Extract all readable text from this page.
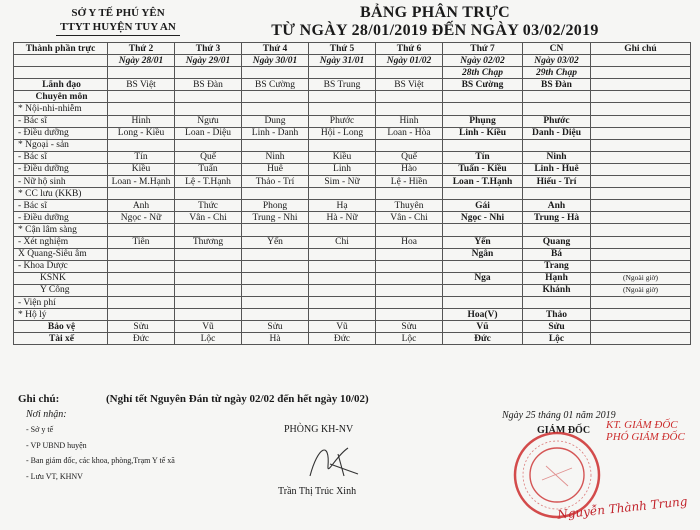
SỞ Y TẾ PHÚ YÊN
TTYT HUYỆN TUY AN
BẢNG PHÂN TRỰC
TỪ NGÀY 28/01/2019 ĐẾN NGÀY 03/02/2019
Thành phần trực	Thứ 2	Thứ 3	Thứ 4	Thứ 5	Thứ 6	Thứ 7	CN	Ghi chú
	Ngày 28/01	Ngày 29/01	Ngày 30/01	Ngày 31/01	Ngày 01/02	Ngày 02/02	Ngày 03/02	
						28th Chạp	29th Chạp	
Lãnh đạo	BS Việt	BS Đàn	BS Cường	BS Trung	BS Việt	BS Cường	BS Đàn	
Chuyên môn								
* Nội-nhi-nhiễm								
- Bác sĩ	Hinh	Ngưu	Dung	Phước	Hinh	Phụng	Phước	
- Điều dưỡng	Long - Kiều	Loan - Diệu	Linh - Danh	Hội - Long	Loan - Hòa	Linh - Kiều	Danh - Diệu	
* Ngoại - sản								
- Bác sĩ	Tín	Quế	Ninh	Kiều	Quế	Tín	Ninh	
- Điều dưỡng	Kiều	Tuấn	Huê	Linh	Hào	Tuấn - Kiều	Linh - Huê	
- Nữ hộ sinh	Loan - M.Hạnh	Lệ - T.Hạnh	Thảo - Trí	Sim - Nữ	Lệ - Hiền	Loan - T.Hạnh	Hiếu - Trí	
* CC lưu (KKB)								
- Bác sĩ	Anh	Thức	Phong	Hạ	Thuyên	Gái	Anh	
- Điều dưỡng	Ngọc - Nữ	Vân - Chi	Trung - Nhi	Hà - Nữ	Vân - Chi	Ngọc - Nhi	Trung - Hà	
* Cận lâm sàng								
- Xét nghiệm	Tiên	Thương	Yến	Chi	Hoa	Yến	Quang	
X Quang-Siêu âm						Ngân	Bá	
- Khoa Dược							Trang	
KSNK						Nga	Hạnh	(Ngoài giờ)
Y Công							Khánh	(Ngoài giờ)
- Viện phí								
* Hộ lý						Hoa(V)	Thảo	
Bảo vệ	Sửu	Vũ	Sửu	Vũ	Sửu	Vũ	Sửu	
Tài xế	Đức	Lộc	Hà	Đức	Lộc	Đức	Lộc	
Ghi chú:	(Nghỉ tết Nguyên Đán từ ngày 02/02 đến hết ngày 10/02)
Nơi nhận:
- Sở y tế
- VP UBND huyện
- Ban giám đốc, các khoa, phòng,Trạm Y tế xã
- Lưu VT, KHNV
PHÒNG KH-NV
Trần Thị Trúc Xinh
Ngày 25 tháng 01 năm 2019
GIÁM ĐỐC KT. GIÁM ĐỐC
PHÓ GIÁM ĐỐC
Nguyễn Thành Trung
